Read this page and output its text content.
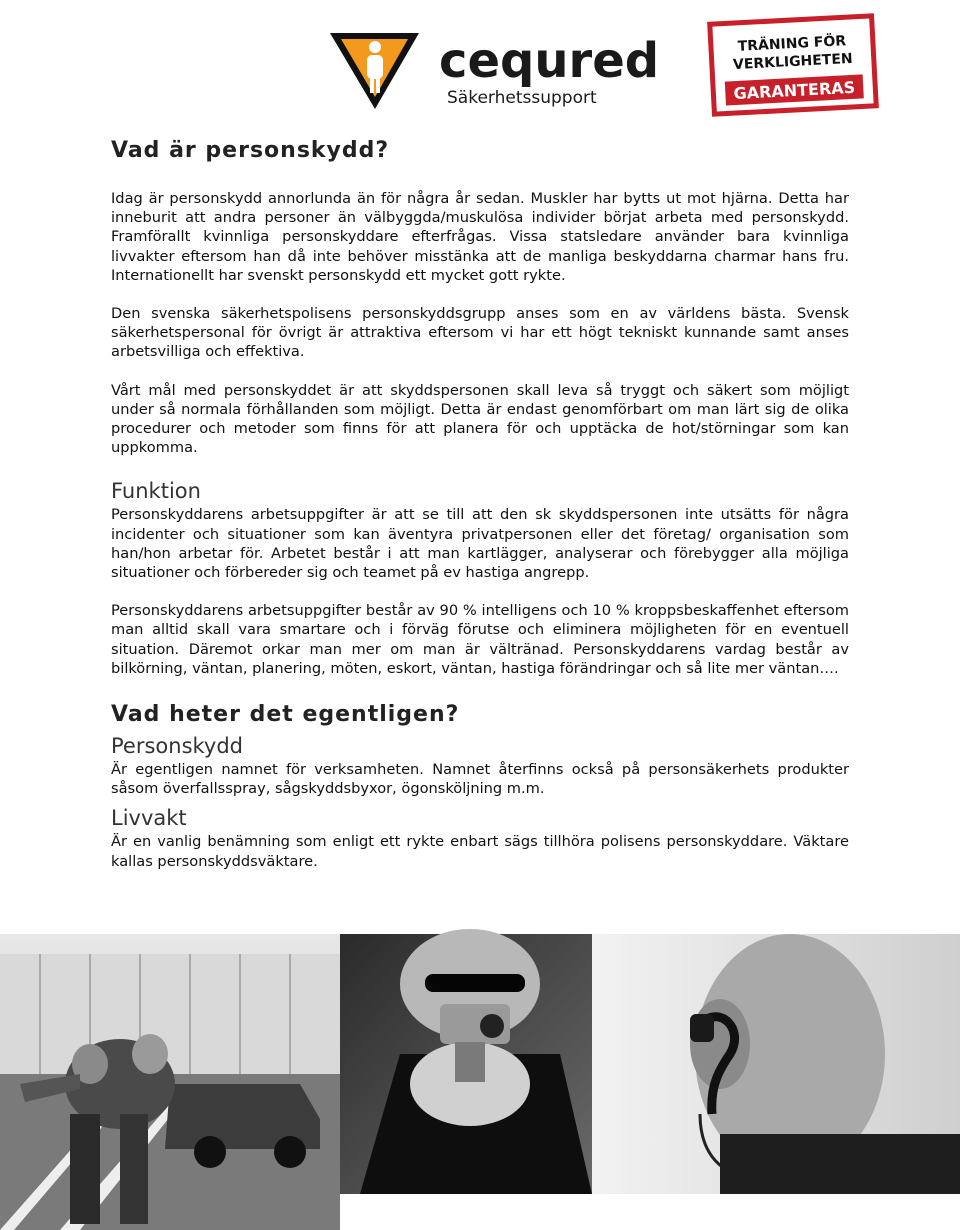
cequred
Säkerhetssupport
TRÄNING FÖR
VERKLIGHETEN
GARANTERAS
Vad är personskydd?

Idag är personskydd annorlunda än för några år sedan. Muskler har bytts ut mot hjärna. Detta har inneburit att andra personer än välbyggda/muskulösa individer börjat arbeta med personskydd. Framförallt kvinnliga personskyddare efterfrågas. Vissa statsledare använder bara kvinnliga livvakter eftersom han då inte behöver misstänka att de manliga beskyddarna charmar hans fru. Internationellt har svenskt personskydd ett mycket gott rykte.

Den svenska säkerhetspolisens personskyddsgrupp anses som en av världens bästa. Svensk säkerhetspersonal för övrigt är attraktiva eftersom vi har ett högt tekniskt kunnande samt anses arbetsvilliga och effektiva.

Vårt mål med personskyddet är att skyddspersonen skall leva så tryggt och säkert som möjligt under så normala förhållanden som möjligt. Detta är endast genomförbart om man lärt sig de olika procedurer och metoder som finns för att planera för och upptäcka de hot/störningar som kan uppkomma.

Funktion

Personskyddarens arbetsuppgifter är att se till att den sk skyddspersonen inte utsätts för några incidenter och situationer som kan äventyra privatpersonen eller det företag/ organisation som han/hon arbetar för. Arbetet består i att man kartlägger, analyserar och förebygger alla möjliga situationer och förbereder sig och teamet på ev hastiga angrepp.

Personskyddarens arbetsuppgifter består av 90 % intelligens och 10 % kroppsbeskaffenhet eftersom man alltid skall vara smartare och i förväg förutse och eliminera möjligheten för en eventuell situation. Däremot orkar man mer om man är vältränad. Personskyddarens vardag består av bilkörning, väntan, planering, möten, eskort, väntan, hastiga förändringar och så lite mer väntan….

Vad heter det egentligen?
Personskydd

Är egentligen namnet för verksamheten. Namnet återfinns också på personsäkerhets produkter såsom överfallsspray, sågskyddsbyxor, ögonsköljning m.m.

Livvakt

Är en vanlig benämning som enligt ett rykte enbart sägs tillhöra polisens personskyddare. Väktare kallas personskyddsväktare.
